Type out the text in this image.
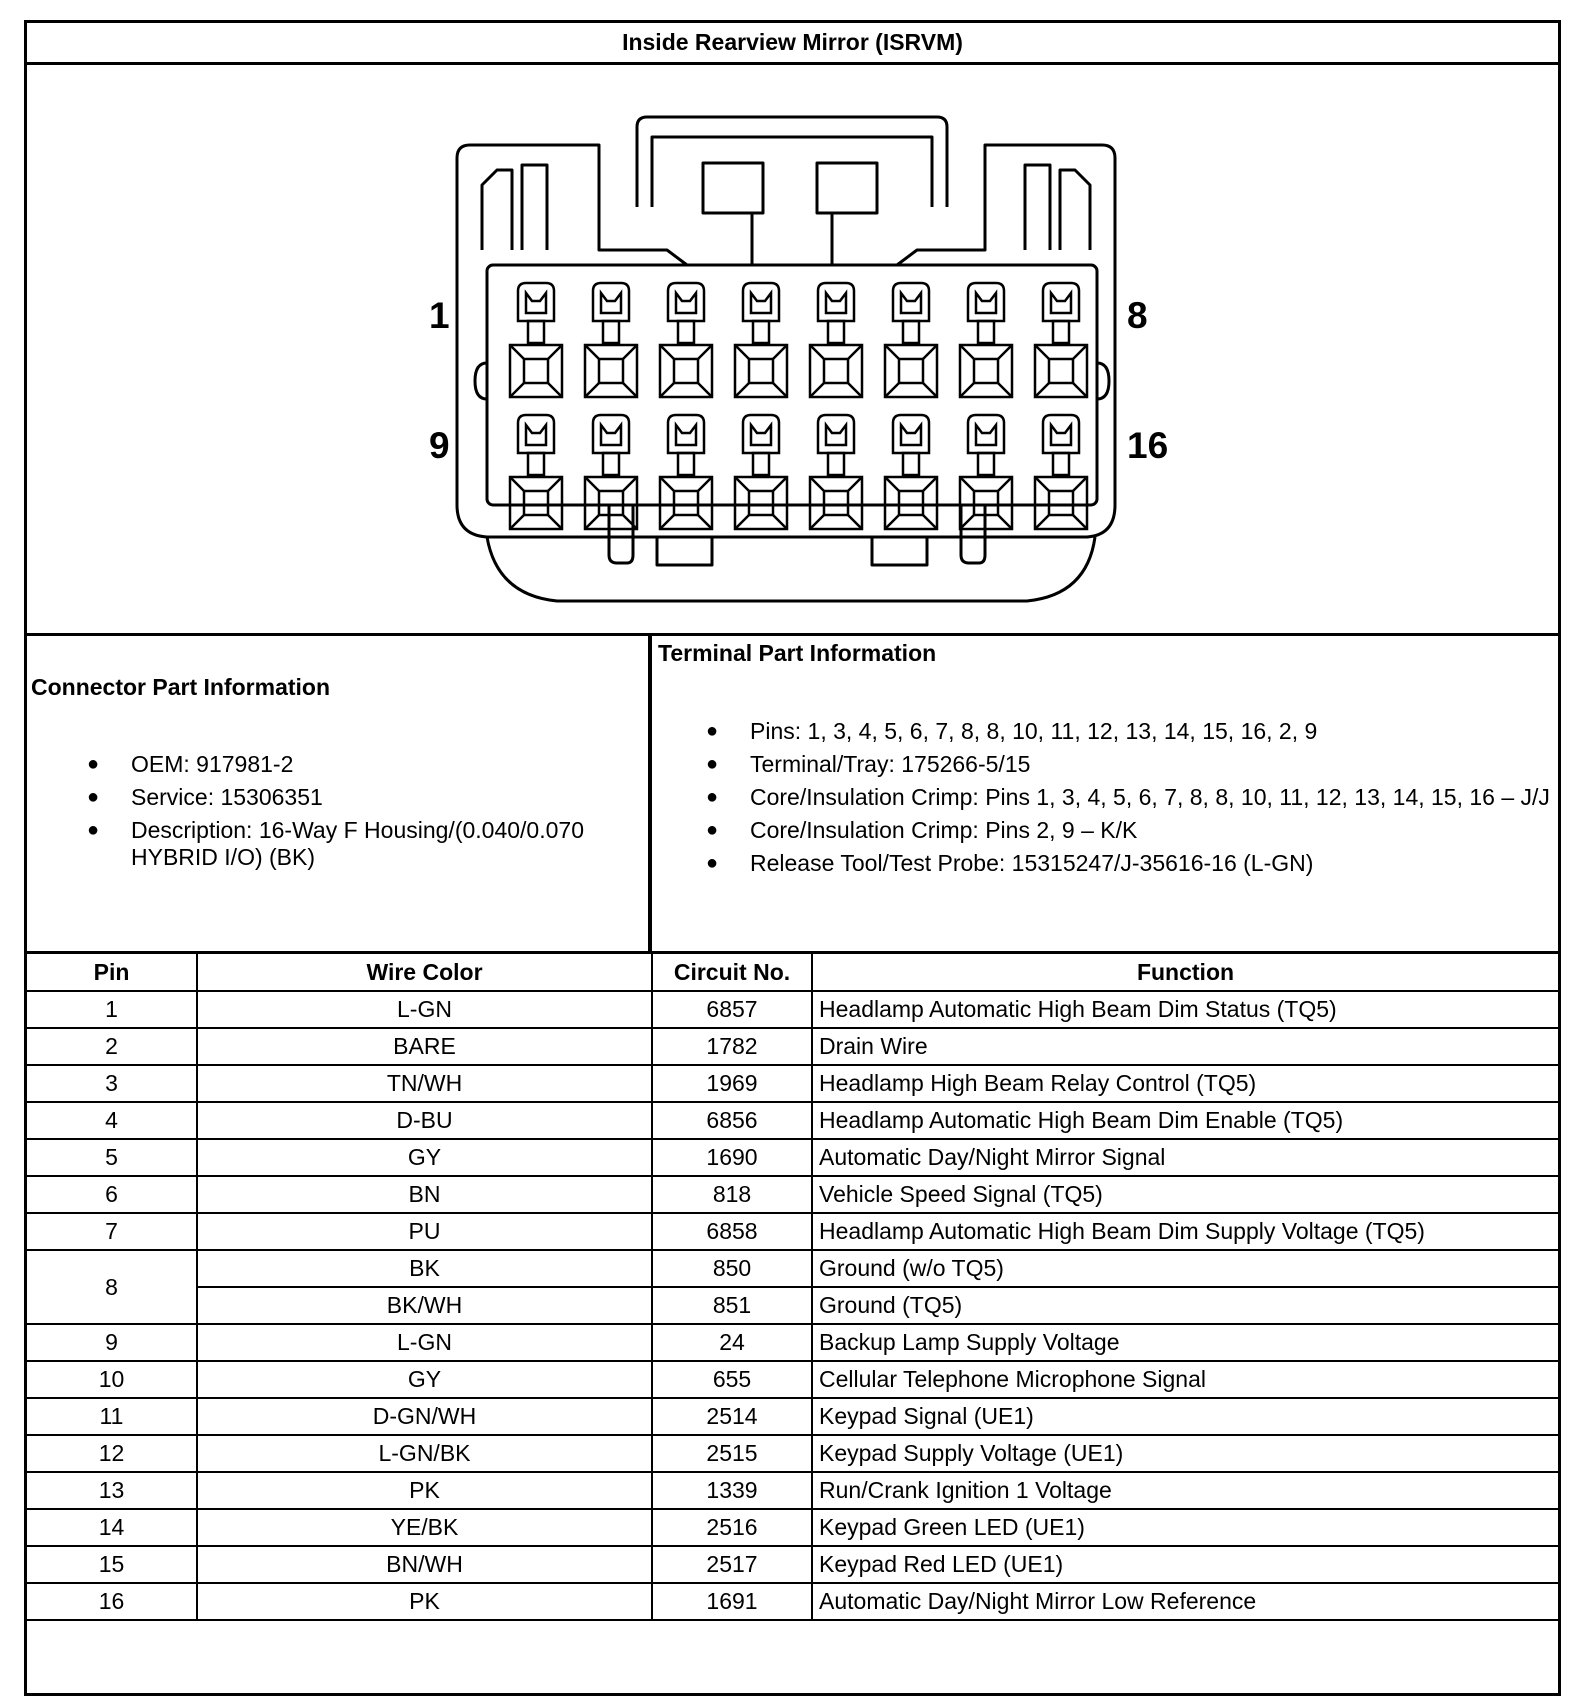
Inside Rearview Mirror (ISRVM)
1	8
9	16
Connector Part Information
● OEM: 917981-2
● Service: 15306351
● Description: 16-Way F Housing/(0.040/0.070 HYBRID I/O) (BK)
Terminal Part Information
● Pins: 1, 3, 4, 5, 6, 7, 8, 8, 10, 11, 12, 13, 14, 15, 16, 2, 9
● Terminal/Tray: 175266-5/15
● Core/Insulation Crimp: Pins 1, 3, 4, 5, 6, 7, 8, 8, 10, 11, 12, 13, 14, 15, 16 – J/J
● Core/Insulation Crimp: Pins 2, 9 – K/K
● Release Tool/Test Probe: 15315247/J-35616-16 (L-GN)
Pin	Wire Color	Circuit No.	Function
1	L-GN	6857	Headlamp Automatic High Beam Dim Status (TQ5)
2	BARE	1782	Drain Wire
3	TN/WH	1969	Headlamp High Beam Relay Control (TQ5)
4	D-BU	6856	Headlamp Automatic High Beam Dim Enable (TQ5)
5	GY	1690	Automatic Day/Night Mirror Signal
6	BN	818	Vehicle Speed Signal (TQ5)
7	PU	6858	Headlamp Automatic High Beam Dim Supply Voltage (TQ5)
8	BK	850	Ground (w/o TQ5)
	BK/WH	851	Ground (TQ5)
9	L-GN	24	Backup Lamp Supply Voltage
10	GY	655	Cellular Telephone Microphone Signal
11	D-GN/WH	2514	Keypad Signal (UE1)
12	L-GN/BK	2515	Keypad Supply Voltage (UE1)
13	PK	1339	Run/Crank Ignition 1 Voltage
14	YE/BK	2516	Keypad Green LED (UE1)
15	BN/WH	2517	Keypad Red LED (UE1)
16	PK	1691	Automatic Day/Night Mirror Low Reference
